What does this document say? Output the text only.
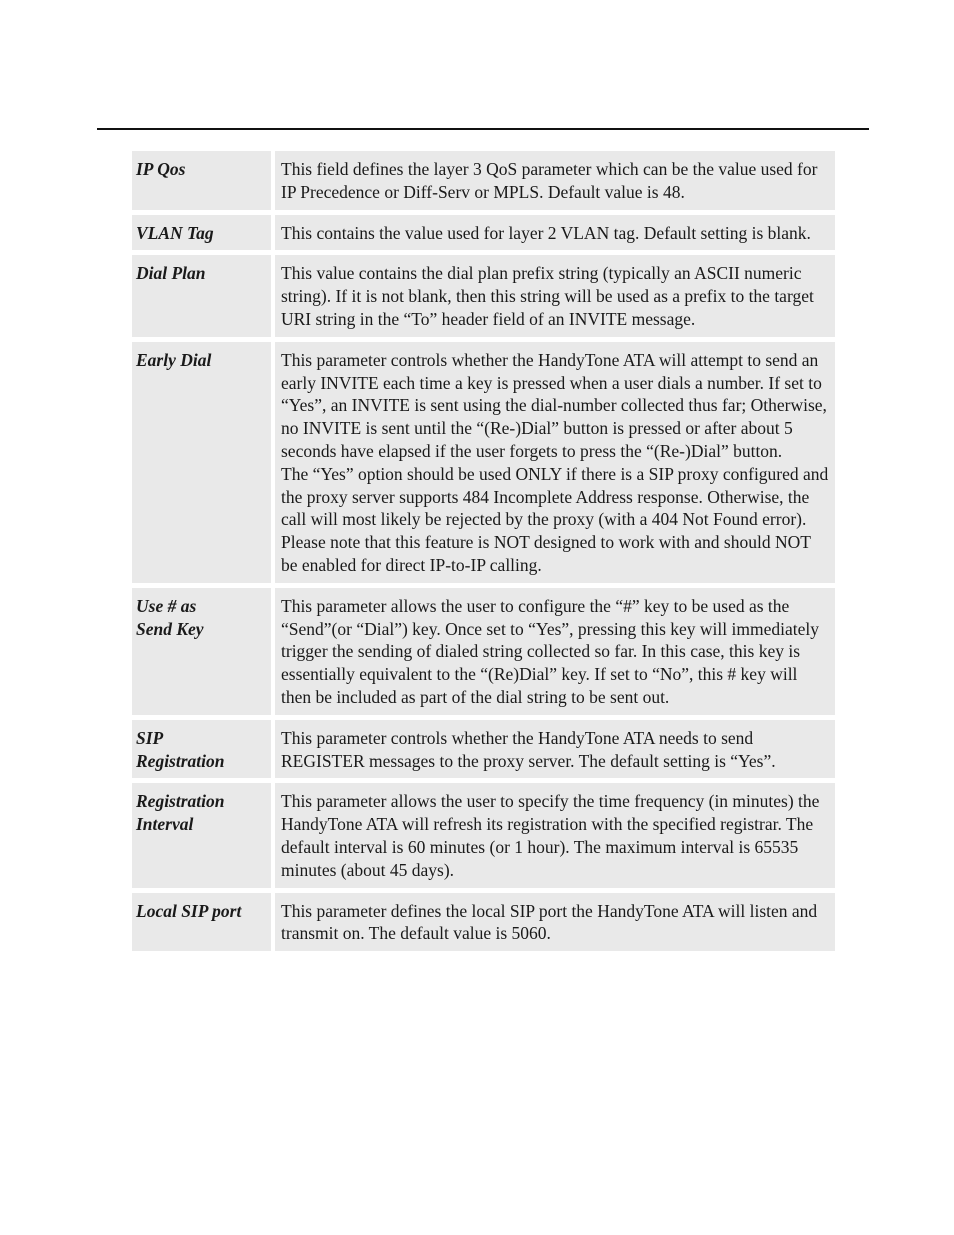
IP Qos	This field defines the layer 3 QoS parameter which can be the value used for IP Precedence or Diff-Serv or MPLS. Default value is 48.

VLAN Tag	This contains the value used for layer 2 VLAN tag. Default setting is blank.

Dial Plan	This value contains the dial plan prefix string (typically an ASCII numeric string). If it is not blank, then this string will be used as a prefix to the target URI string in the “To” header field of an INVITE message.

Early Dial	This parameter controls whether the HandyTone ATA will attempt to send an early INVITE each time a key is pressed when a user dials a number. If set to “Yes”, an INVITE is sent using the dial-number collected thus far; Otherwise, no INVITE is sent until the “(Re-)Dial” button is pressed or after about 5 seconds have elapsed if the user forgets to press the “(Re-)Dial” button.

The “Yes” option should be used ONLY if there is a SIP proxy configured and the proxy server supports 484 Incomplete Address response. Otherwise, the call will most likely be rejected by the proxy (with a 404 Not Found error).

Please note that this feature is NOT designed to work with and should NOT be enabled for direct IP-to-IP calling.

Use # as
Send Key	This parameter allows the user to configure the “#” key to be used as the “Send”(or “Dial”) key. Once set to “Yes”, pressing this key will immediately trigger the sending of dialed string collected so far. In this case, this key is essentially equivalent to the “(Re)Dial” key. If set to “No”, this # key will then be included as part of the dial string to be sent out.

SIP
Registration	This parameter controls whether the HandyTone ATA needs to send REGISTER messages to the proxy server. The default setting is “Yes”.

Registration
Interval	This parameter allows the user to specify the time frequency (in minutes) the HandyTone ATA will refresh its registration with the specified registrar. The default interval is 60 minutes (or 1 hour). The maximum interval is 65535 minutes (about 45 days).

Local SIP port	This parameter defines the local SIP port the HandyTone ATA will listen and transmit on. The default value is 5060.
